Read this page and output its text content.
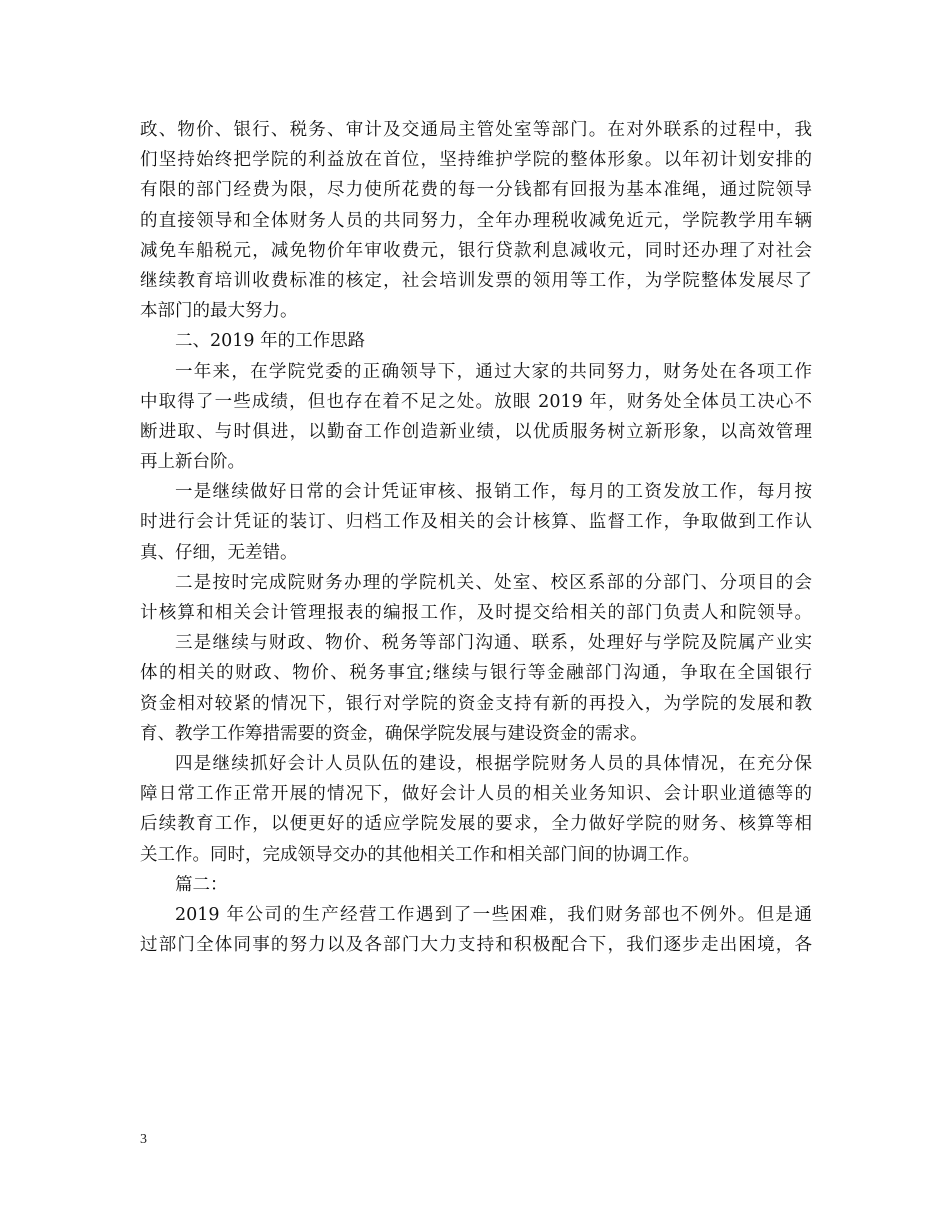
政、物价、银行、税务、审计及交通局主管处室等部门。在对外联系的过程中，我
们坚持始终把学院的利益放在首位，坚持维护学院的整体形象。以年初计划安排的
有限的部门经费为限，尽力使所花费的每一分钱都有回报为基本准绳，通过院领导
的直接领导和全体财务人员的共同努力，全年办理税收减免近元，学院教学用车辆
减免车船税元，减免物价年审收费元，银行贷款利息减收元，同时还办理了对社会
继续教育培训收费标准的核定，社会培训发票的领用等工作，为学院整体发展尽了
本部门的最大努力。
二、2019 年的工作思路
一年来，在学院党委的正确领导下，通过大家的共同努力，财务处在各项工作
中取得了一些成绩，但也存在着不足之处。放眼 2019 年，财务处全体员工决心不
断进取、与时俱进，以勤奋工作创造新业绩，以优质服务树立新形象，以高效管理
再上新台阶。
一是继续做好日常的会计凭证审核、报销工作，每月的工资发放工作，每月按
时进行会计凭证的装订、归档工作及相关的会计核算、监督工作，争取做到工作认
真、仔细，无差错。
二是按时完成院财务办理的学院机关、处室、校区系部的分部门、分项目的会
计核算和相关会计管理报表的编报工作，及时提交给相关的部门负责人和院领导。
三是继续与财政、物价、税务等部门沟通、联系，处理好与学院及院属产业实
体的相关的财政、物价、税务事宜;继续与银行等金融部门沟通，争取在全国银行
资金相对较紧的情况下，银行对学院的资金支持有新的再投入，为学院的发展和教
育、教学工作筹措需要的资金，确保学院发展与建设资金的需求。
四是继续抓好会计人员队伍的建设，根据学院财务人员的具体情况，在充分保
障日常工作正常开展的情况下，做好会计人员的相关业务知识、会计职业道德等的
后续教育工作，以便更好的适应学院发展的要求，全力做好学院的财务、核算等相
关工作。同时，完成领导交办的其他相关工作和相关部门间的协调工作。
篇二：
2019 年公司的生产经营工作遇到了一些困难，我们财务部也不例外。但是通
过部门全体同事的努力以及各部门大力支持和积极配合下，我们逐步走出困境，各
3
